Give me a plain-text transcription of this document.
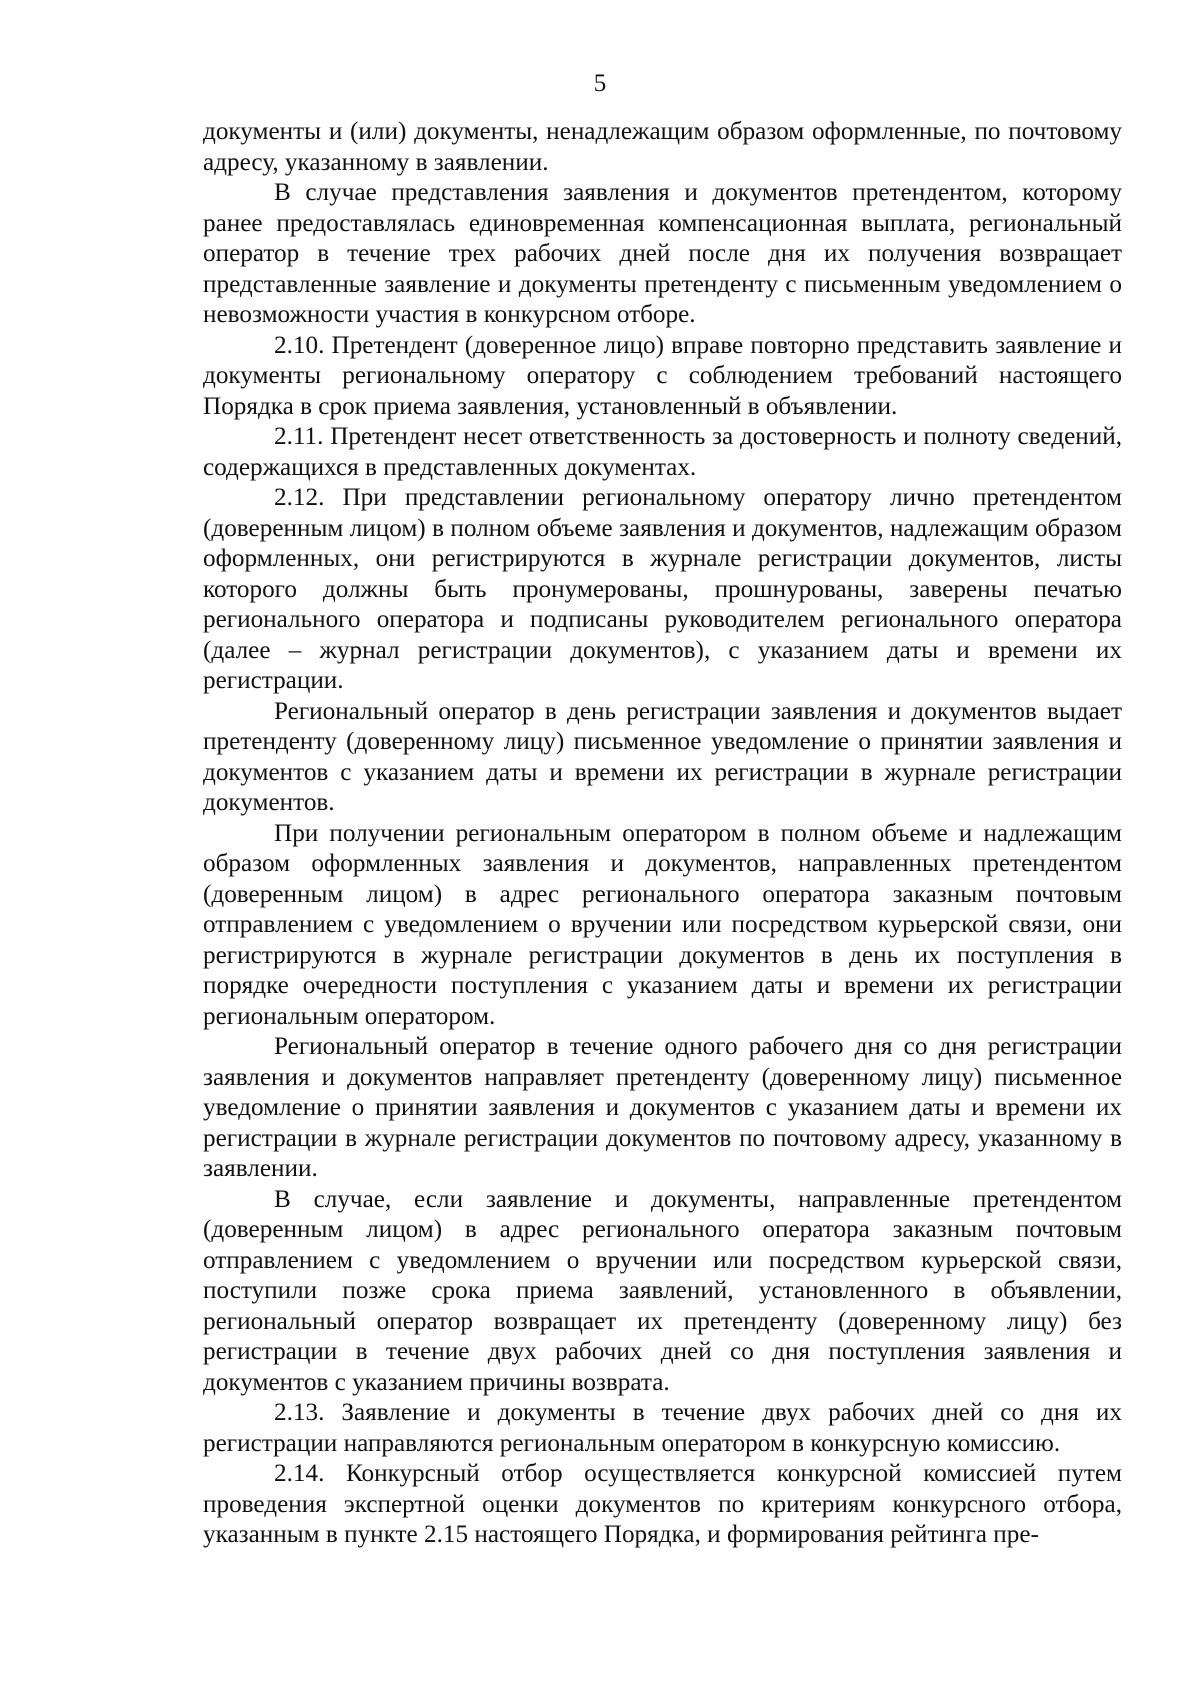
5

документы и (или) документы, ненадлежащим образом оформленные, по почтовому адресу, указанному в заявлении.

В случае представления заявления и документов претендентом, которому ранее предоставлялась единовременная компенсационная выплата, региональный оператор в течение трех рабочих дней после дня их получения возвращает представленные заявление и документы претенденту с письменным уведомлением о невозможности участия в конкурсном отборе.

2.10. Претендент (доверенное лицо) вправе повторно представить заявление и документы региональному оператору с соблюдением требований настоящего Порядка в срок приема заявления, установленный в объявлении.

2.11. Претендент несет ответственность за достоверность и полноту сведений, содержащихся в представленных документах.

2.12. При представлении региональному оператору лично претендентом (доверенным лицом) в полном объеме заявления и документов, надлежащим образом оформленных, они регистрируются в журнале регистрации документов, листы которого должны быть пронумерованы, прошнурованы, заверены печатью регионального оператора и подписаны руководителем регионального оператора (далее – журнал регистрации документов), с указанием даты и времени их регистрации.

Региональный оператор в день регистрации заявления и документов выдает претенденту (доверенному лицу) письменное уведомление о принятии заявления и документов с указанием даты и времени их регистрации в журнале регистрации документов.

При получении региональным оператором в полном объеме и надлежащим образом оформленных заявления и документов, направленных претендентом (доверенным лицом) в адрес регионального оператора заказным почтовым отправлением с уведомлением о вручении или посредством курьерской связи, они регистрируются в журнале регистрации документов в день их поступления в порядке очередности поступления с указанием даты и времени их регистрации региональным оператором.

Региональный оператор в течение одного рабочего дня со дня регистрации заявления и документов направляет претенденту (доверенному лицу) письменное уведомление о принятии заявления и документов с указанием даты и времени их регистрации в журнале регистрации документов по почтовому адресу, указанному в заявлении.

В случае, если заявление и документы, направленные претендентом (доверенным лицом) в адрес регионального оператора заказным почтовым отправлением с уведомлением о вручении или посредством курьерской связи, поступили позже срока приема заявлений, установленного в объявлении, региональный оператор возвращает их претенденту (доверенному лицу) без регистрации в течение двух рабочих дней со дня поступления заявления и документов с указанием причины возврата.

2.13. Заявление и документы в течение двух рабочих дней со дня их регистрации направляются региональным оператором в конкурсную комиссию.

2.14. Конкурсный отбор осуществляется конкурсной комиссией путем проведения экспертной оценки документов по критериям конкурсного отбора, указанным в пункте 2.15 настоящего Порядка, и формирования рейтинга пре-
